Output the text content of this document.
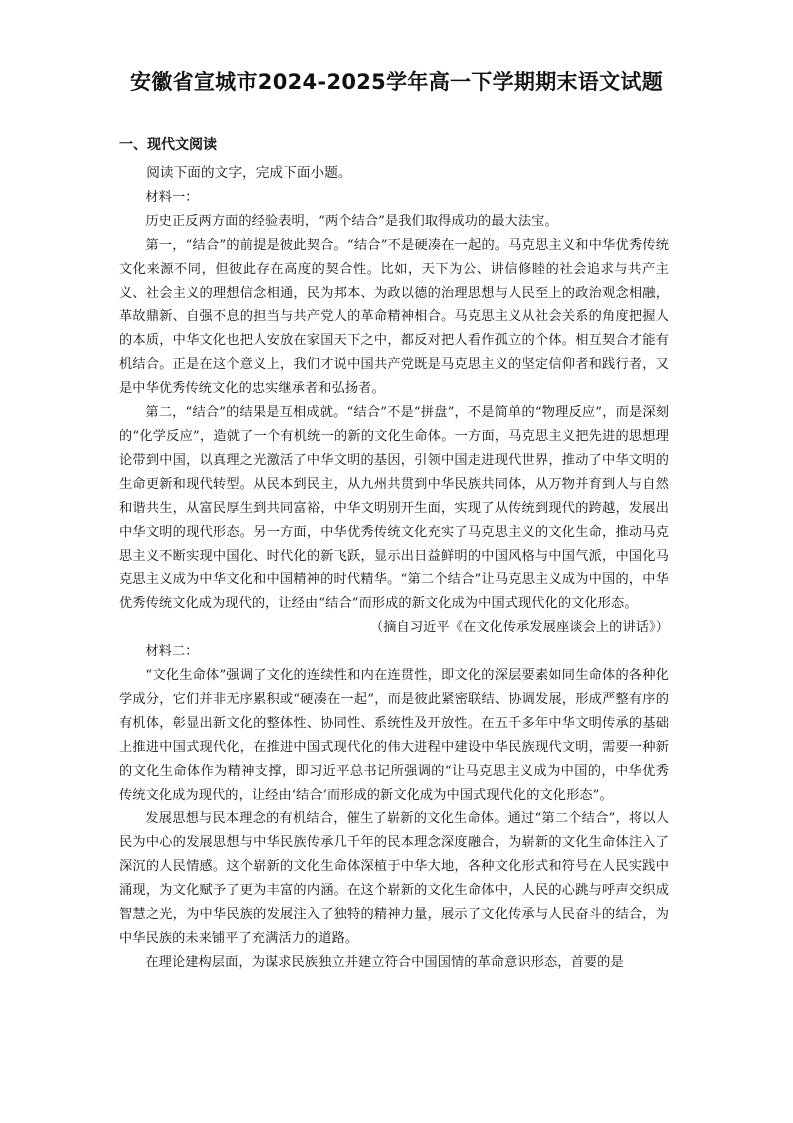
安徽省宣城市2024-2025学年高一下学期期末语文试题
一、现代文阅读

阅读下面的文字，完成下面小题。

材料一：

历史正反两方面的经验表明，“两个结合”是我们取得成功的最大法宝。

第一，“结合”的前提是彼此契合。“结合”不是硬凑在一起的。马克思主义和中华优秀传统文化来源不同，但彼此存在高度的契合性。比如，天下为公、讲信修睦的社会追求与共产主义、社会主义的理想信念相通，民为邦本、为政以德的治理思想与人民至上的政治观念相融，革故鼎新、自强不息的担当与共产党人的革命精神相合。马克思主义从社会关系的角度把握人的本质，中华文化也把人安放在家国天下之中，都反对把人看作孤立的个体。相互契合才能有机结合。正是在这个意义上，我们才说中国共产党既是马克思主义的坚定信仰者和践行者，又是中华优秀传统文化的忠实继承者和弘扬者。

第二，“结合”的结果是互相成就。“结合”不是“拼盘”，不是简单的“物理反应”，而是深刻的“化学反应”，造就了一个有机统一的新的文化生命体。一方面，马克思主义把先进的思想理论带到中国，以真理之光激活了中华文明的基因，引领中国走进现代世界，推动了中华文明的生命更新和现代转型。从民本到民主，从九州共贯到中华民族共同体，从万物并育到人与自然和谐共生，从富民厚生到共同富裕，中华文明别开生面，实现了从传统到现代的跨越，发展出中华文明的现代形态。另一方面，中华优秀传统文化充实了马克思主义的文化生命，推动马克思主义不断实现中国化、时代化的新飞跃，显示出日益鲜明的中国风格与中国气派，中国化马克思主义成为中华文化和中国精神的时代精华。“第二个结合”让马克思主义成为中国的，中华优秀传统文化成为现代的，让经由“结合”而形成的新文化成为中国式现代化的文化形态。

（摘自习近平《在文化传承发展座谈会上的讲话》）

材料二：

“文化生命体”强调了文化的连续性和内在连贯性，即文化的深层要素如同生命体的各种化学成分，它们并非无序累积或“硬凑在一起”，而是彼此紧密联结、协调发展，形成严整有序的有机体，彰显出新文化的整体性、协同性、系统性及开放性。在五千多年中华文明传承的基础上推进中国式现代化，在推进中国式现代化的伟大进程中建设中华民族现代文明，需要一种新的文化生命体作为精神支撑，即习近平总书记所强调的“让马克思主义成为中国的，中华优秀传统文化成为现代的，让经由‘结合’而形成的新文化成为中国式现代化的文化形态”。

发展思想与民本理念的有机结合，催生了崭新的文化生命体。通过“第二个结合”，将以人民为中心的发展思想与中华民族传承几千年的民本理念深度融合，为崭新的文化生命体注入了深沉的人民情感。这个崭新的文化生命体深植于中华大地，各种文化形式和符号在人民实践中涌现，为文化赋予了更为丰富的内涵。在这个崭新的文化生命体中，人民的心跳与呼声交织成智慧之光，为中华民族的发展注入了独特的精神力量，展示了文化传承与人民奋斗的结合，为中华民族的未来铺平了充满活力的道路。

在理论建构层面，为谋求民族独立并建立符合中国国情的革命意识形态，首要的是
